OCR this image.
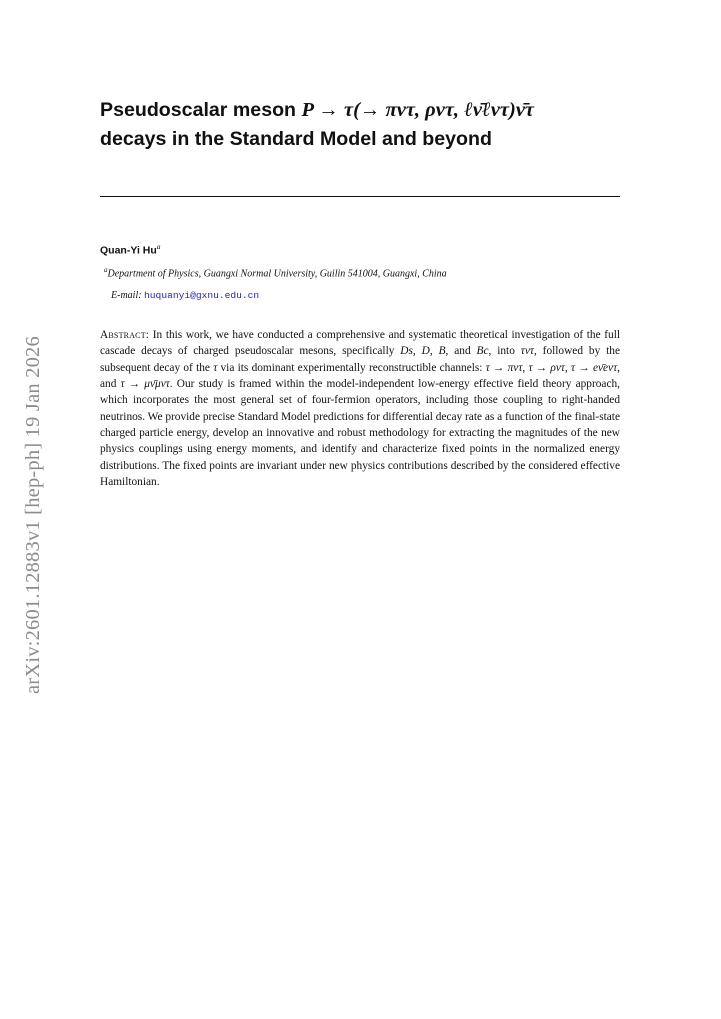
arXiv:2601.12883v1 [hep-ph] 19 Jan 2026
Pseudoscalar meson P → τ(→ πντ, ρντ, ℓν̄ℓντ)ν̄τ
decays in the Standard Model and beyond
Quan-Yi Hu$^a$
$^a$Department of Physics, Guangxi Normal University, Guilin 541004, Guangxi, China
E-mail: huquanyi@gxnu.edu.cn
Abstract: In this work, we have conducted a comprehensive and systematic theoretical investigation of the full cascade decays of charged pseudoscalar mesons, specifically Ds, D, B, and Bc, into τντ, followed by the subsequent decay of the τ via its dominant experimentally reconstructible channels: τ → πντ, τ → ρντ, τ → eν̄eντ, and τ → μν̄μντ. Our study is framed within the model-independent low-energy effective field theory approach, which incorporates the most general set of four-fermion operators, including those coupling to right-handed neutrinos. We provide precise Standard Model predictions for differential decay rate as a function of the final-state charged particle energy, develop an innovative and robust methodology for extracting the magnitudes of the new physics couplings using energy moments, and identify and characterize fixed points in the normalized energy distributions. The fixed points are invariant under new physics contributions described by the considered effective Hamiltonian.
